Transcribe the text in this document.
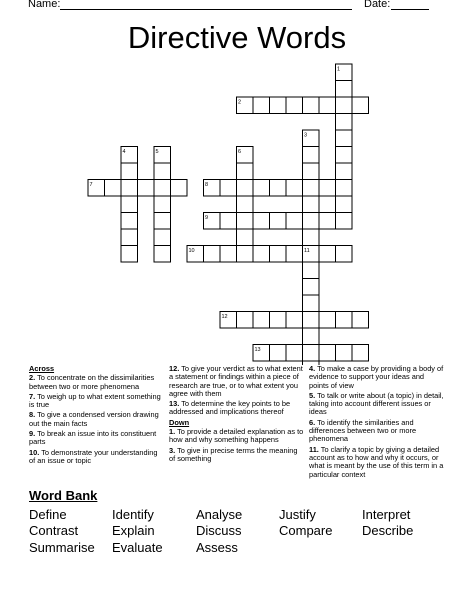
Name:	Date:
Directive Words
1
2
3
4	5	6
7	8
9
10	11
12
13

Across

2. To concentrate on the dissimilarities between two or more phenomena

7. To weigh up to what extent something is true

8. To give a condensed version drawing out the main facts

9. To break an issue into its constituent parts

10. To demonstrate your understanding of an issue or topic

12. To give your verdict as to what extent a statement or findings within a piece of research are true, or to what extent you agree with them

13. To determine the key points to be addressed and implications thereof

Down

1. To provide a detailed explanation as to how and why something happens

3. To give in precise terms the meaning of something

4. To make a case by providing a body of evidence to support your ideas and points of view

5. To talk or write about (a topic) in detail, taking into account different issues or ideas

6. To identify the similarities and differences between two or more phenomena

11. To clarify a topic by giving a detailed account as to how and why it occurs, or what is meant by the use of this term in a particular context

Word Bank
Define	Identify	Analyse	Justify	Interpret
Contrast	Explain	Discuss	Compare Describe
Summarise Evaluate	Assess
